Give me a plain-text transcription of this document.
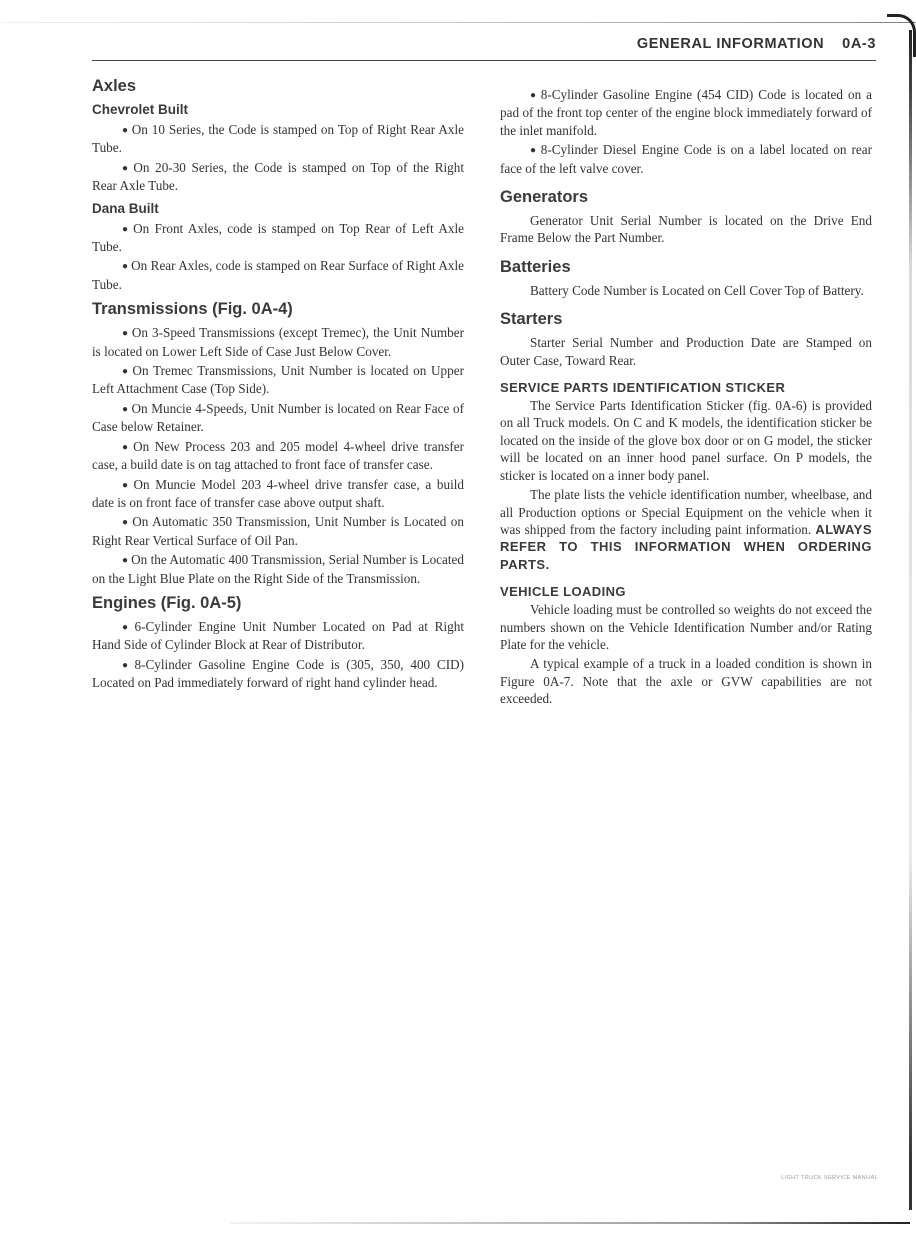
GENERAL INFORMATION 0A-3
Axles
Chevrolet Built

● On 10 Series, the Code is stamped on Top of Right Rear Axle Tube.

● On 20-30 Series, the Code is stamped on Top of the Right Rear Axle Tube.

Dana Built

● On Front Axles, code is stamped on Top Rear of Left Axle Tube.

● On Rear Axles, code is stamped on Rear Surface of Right Axle Tube.

Transmissions (Fig. 0A-4)

● On 3-Speed Transmissions (except Tremec), the Unit Number is located on Lower Left Side of Case Just Below Cover.

● On Tremec Transmissions, Unit Number is located on Upper Left Attachment Case (Top Side).

● On Muncie 4-Speeds, Unit Number is located on Rear Face of Case below Retainer.

● On New Process 203 and 205 model 4-wheel drive transfer case, a build date is on tag attached to front face of transfer case.

● On Muncie Model 203 4-wheel drive transfer case, a build date is on front face of transfer case above output shaft.

● On Automatic 350 Transmission, Unit Number is Located on Right Rear Vertical Surface of Oil Pan.

● On the Automatic 400 Transmission, Serial Number is Located on the Light Blue Plate on the Right Side of the Transmission.

Engines (Fig. 0A-5)

● 6-Cylinder Engine Unit Number Located on Pad at Right Hand Side of Cylinder Block at Rear of Distributor.

● 8-Cylinder Gasoline Engine Code is (305, 350, 400 CID) Located on Pad immediately forward of right hand cylinder head.

● 8-Cylinder Gasoline Engine (454 CID) Code is located on a pad of the front top center of the engine block immediately forward of the inlet manifold.

● 8-Cylinder Diesel Engine Code is on a label located on rear face of the left valve cover.

Generators

Generator Unit Serial Number is located on the Drive End Frame Below the Part Number.

Batteries

Battery Code Number is Located on Cell Cover Top of Battery.

Starters

Starter Serial Number and Production Date are Stamped on Outer Case, Toward Rear.

SERVICE PARTS IDENTIFICATION STICKER

The Service Parts Identification Sticker (fig. 0A-6) is provided on all Truck models. On C and K models, the identification sticker be located on the inside of the glove box door or on G model, the sticker will be located on an inner hood panel surface. On P models, the sticker is located on a inner body panel.

The plate lists the vehicle identification number, wheelbase, and all Production options or Special Equipment on the vehicle when it was shipped from the factory including paint information. ALWAYS REFER TO THIS INFORMATION WHEN ORDERING PARTS.

VEHICLE LOADING

Vehicle loading must be controlled so weights do not exceed the numbers shown on the Vehicle Identification Number and/or Rating Plate for the vehicle.

A typical example of a truck in a loaded condition is shown in Figure 0A-7. Note that the axle or GVW capabilities are not exceeded.

LIGHT TRUCK SERVICE MANUAL
